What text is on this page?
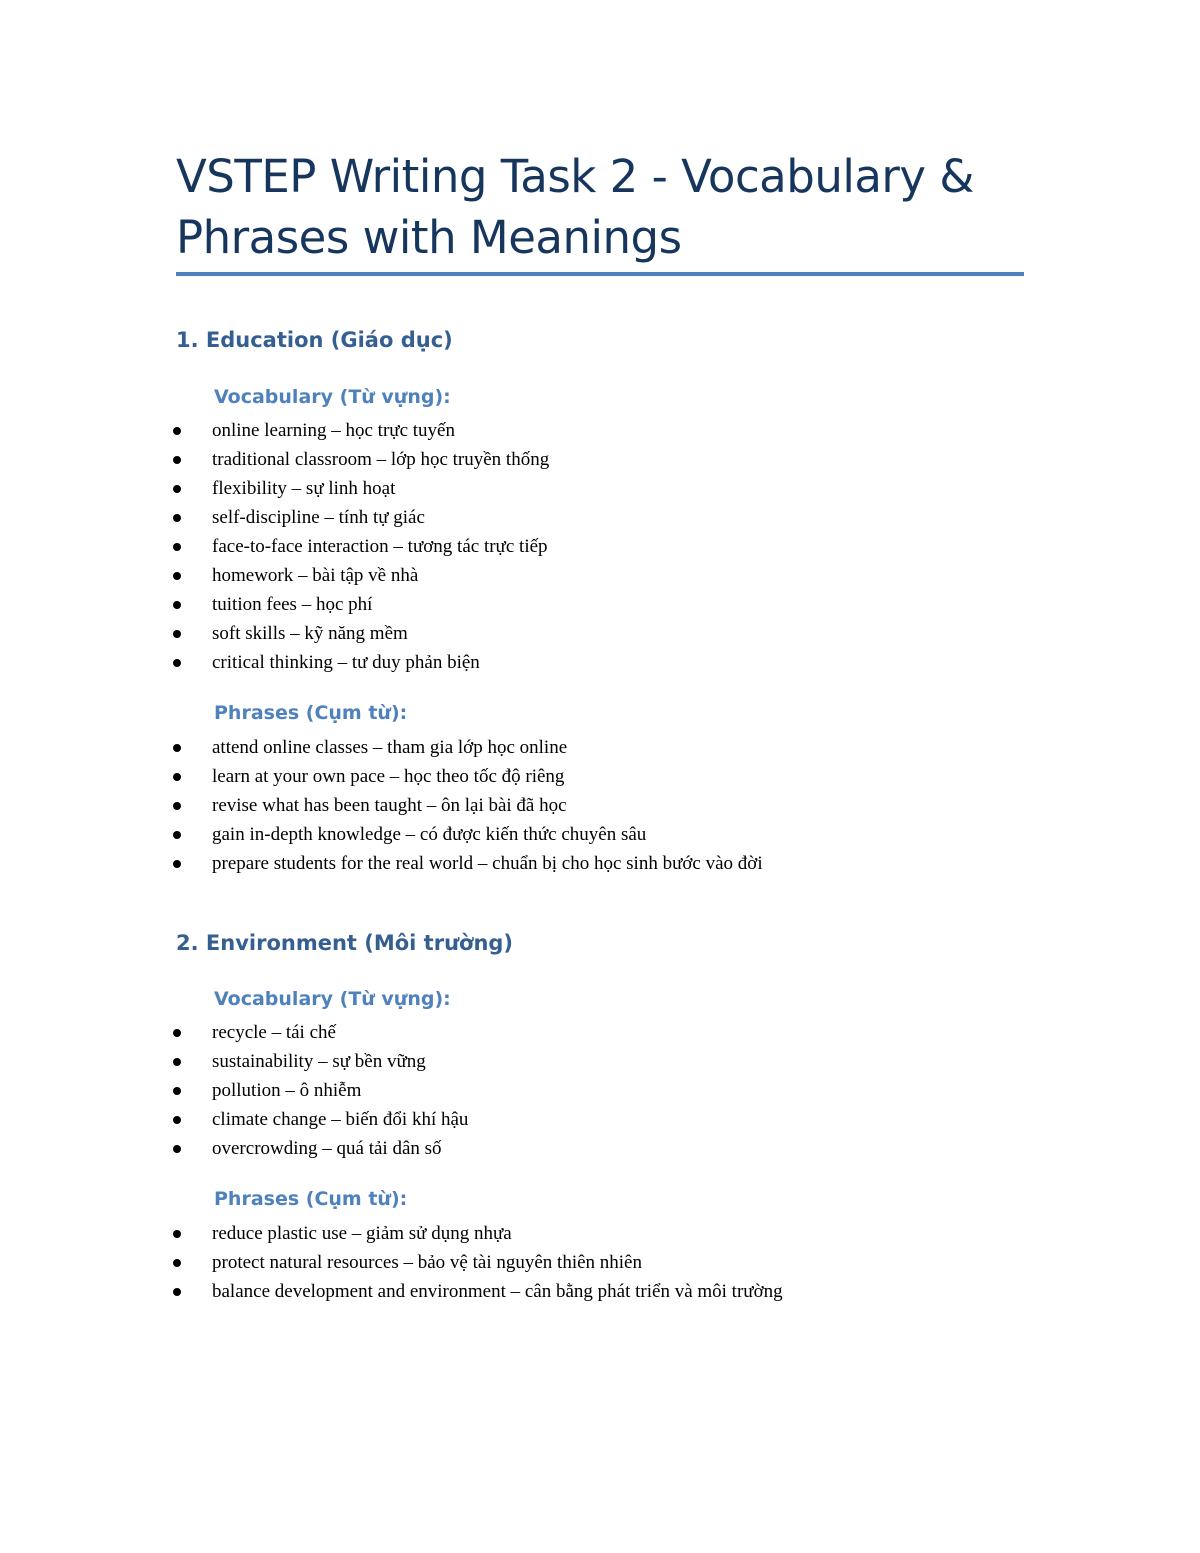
VSTEP Writing Task 2 - Vocabulary & Phrases with Meanings
1. Education (Giáo dục)
Vocabulary (Từ vựng):
online learning – học trực tuyến
traditional classroom – lớp học truyền thống
flexibility – sự linh hoạt
self-discipline – tính tự giác
face-to-face interaction – tương tác trực tiếp
homework – bài tập về nhà
tuition fees – học phí
soft skills – kỹ năng mềm
critical thinking – tư duy phản biện
Phrases (Cụm từ):
attend online classes – tham gia lớp học online
learn at your own pace – học theo tốc độ riêng
revise what has been taught – ôn lại bài đã học
gain in-depth knowledge – có được kiến thức chuyên sâu
prepare students for the real world – chuẩn bị cho học sinh bước vào đời
2. Environment (Môi trường)
Vocabulary (Từ vựng):
recycle – tái chế
sustainability – sự bền vững
pollution – ô nhiễm
climate change – biến đổi khí hậu
overcrowding – quá tải dân số
Phrases (Cụm từ):
reduce plastic use – giảm sử dụng nhựa
protect natural resources – bảo vệ tài nguyên thiên nhiên
balance development and environment – cân bằng phát triển và môi trường
